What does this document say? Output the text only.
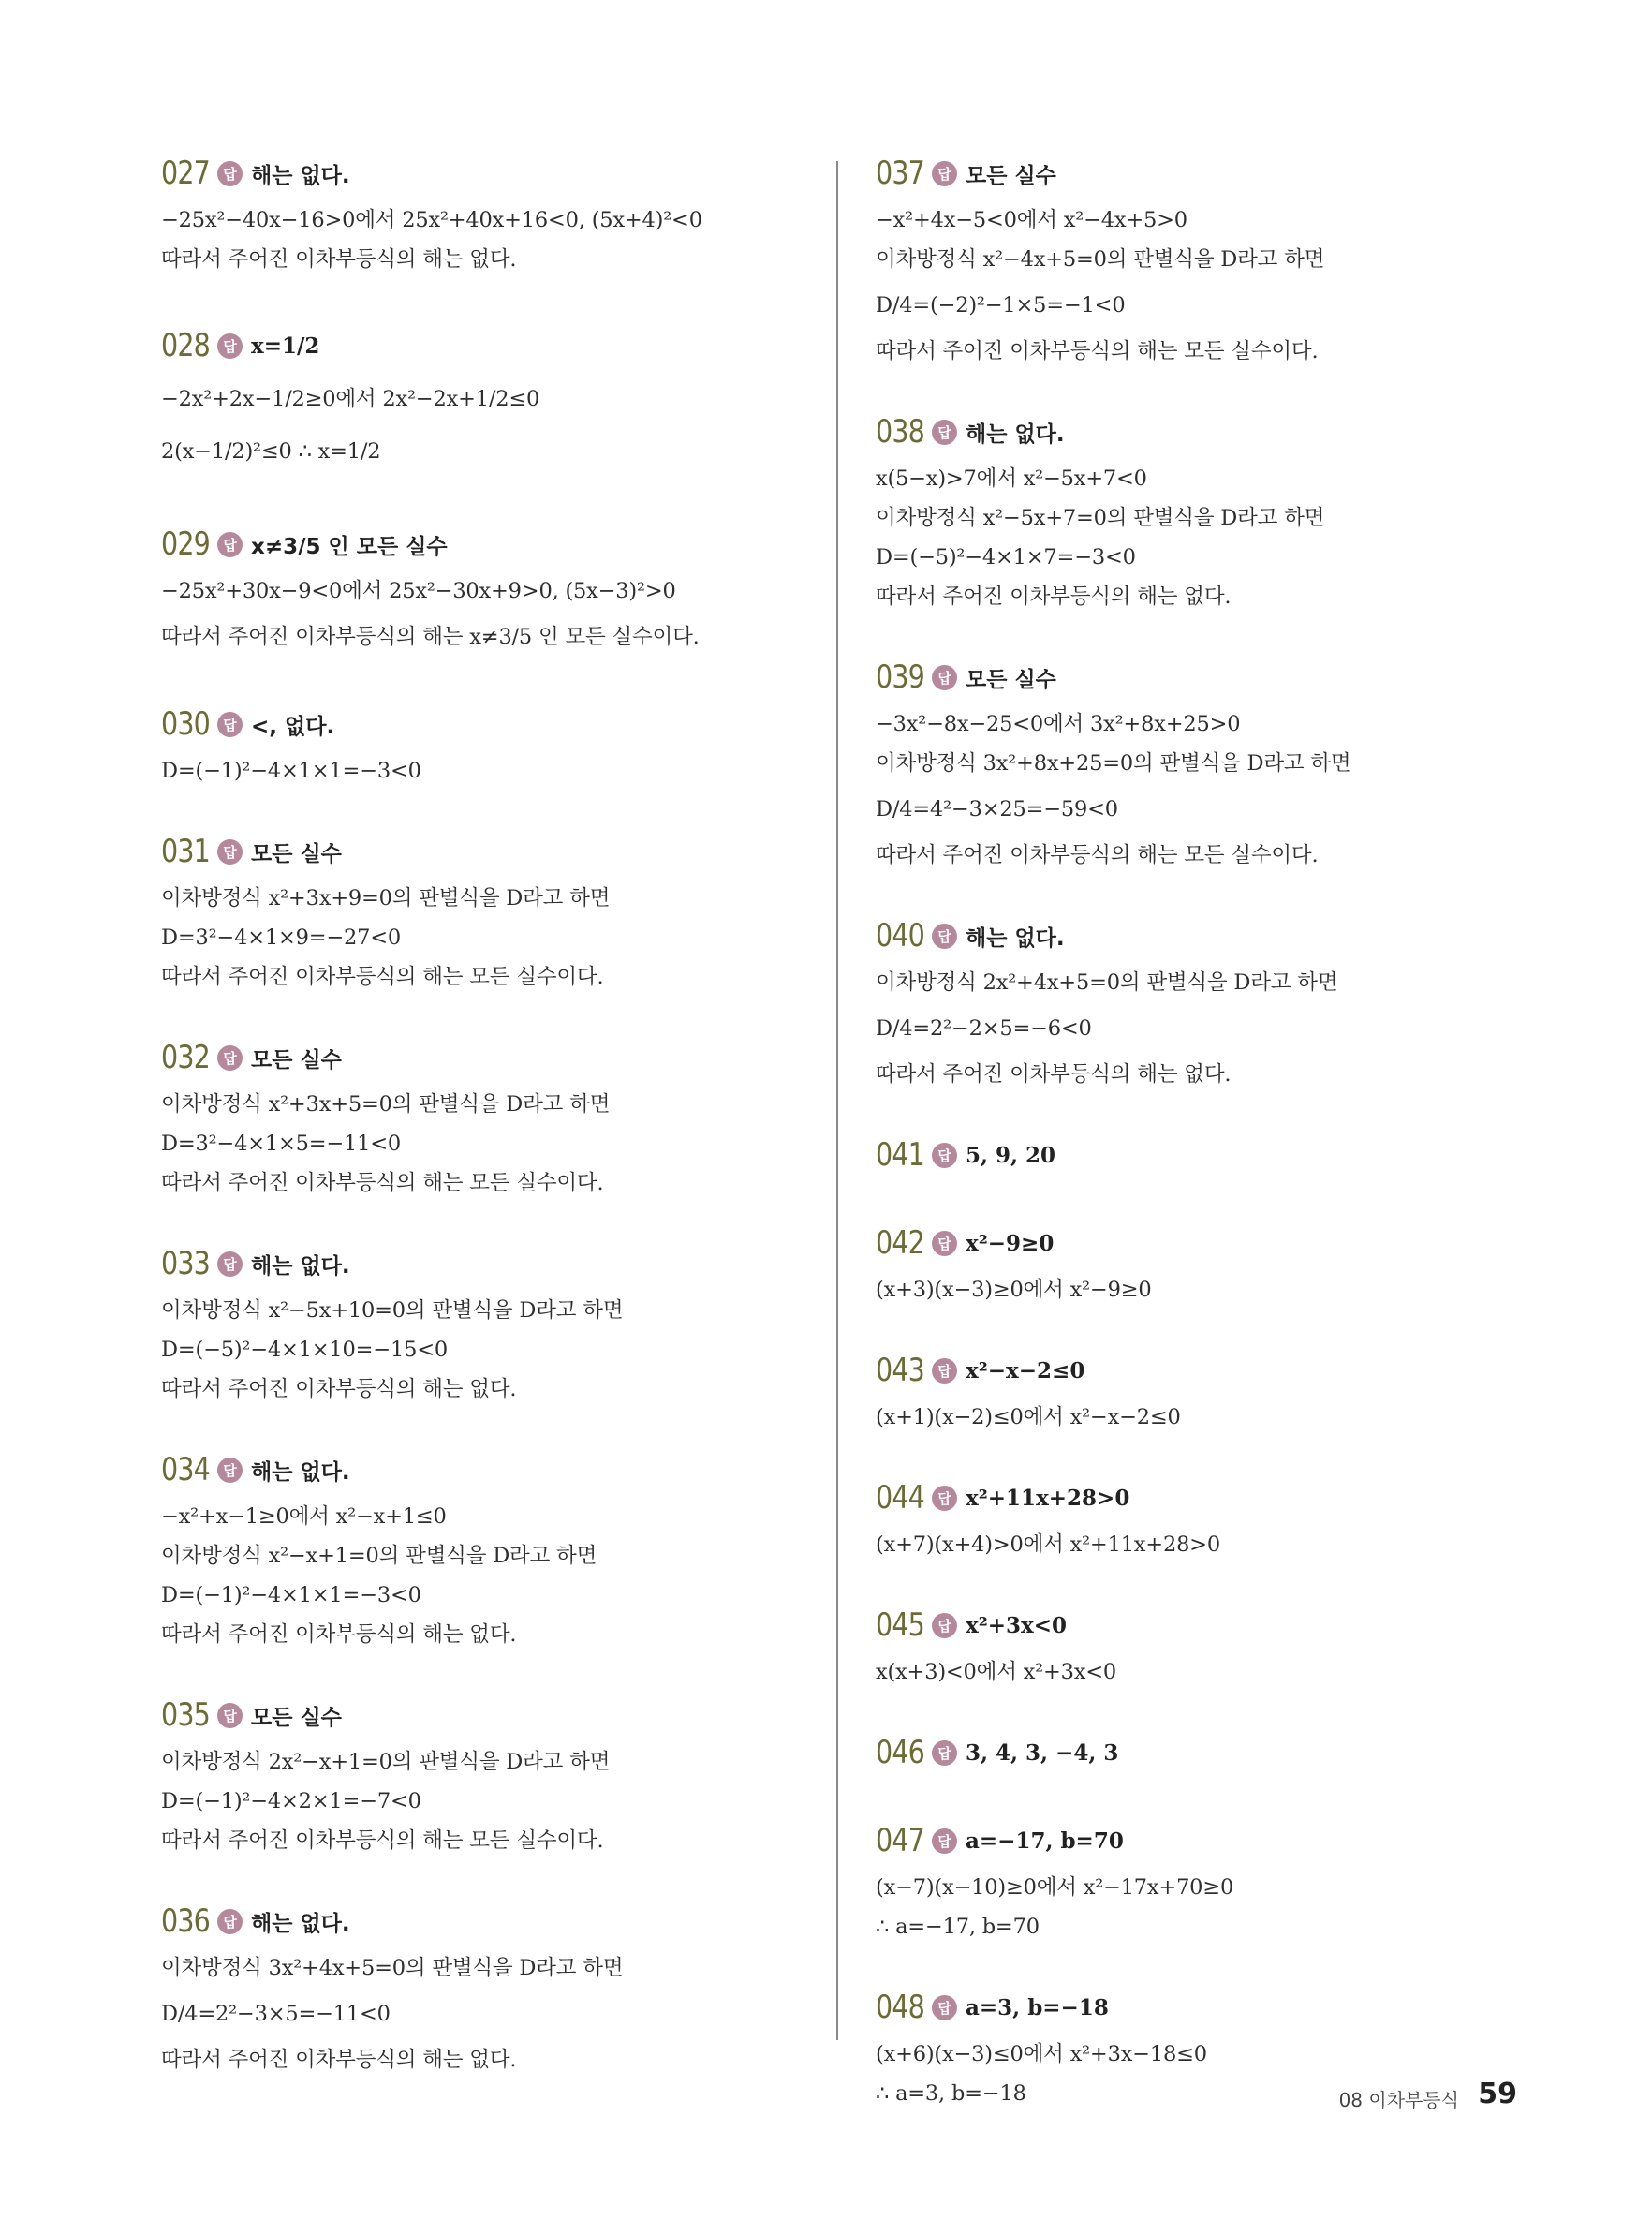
027 답 해는 없다.
−25x²−40x−16>0에서 25x²+40x+16<0, (5x+4)²<0
따라서 주어진 이차부등식의 해는 없다.
028 답 x=1/2
−2x²+2x−1/2≥0에서 2x²−2x+1/2≤0
2(x−1/2)²≤0 ∴ x=1/2
029 답 x≠3/5 인 모든 실수
−25x²+30x−9<0에서 25x²−30x+9>0, (5x−3)²>0
따라서 주어진 이차부등식의 해는 x≠3/5 인 모든 실수이다.
030 답 <, 없다.
D=(−1)²−4×1×1=−3<0
031 답 모든 실수
이차방정식 x²+3x+9=0의 판별식을 D라고 하면
D=3²−4×1×9=−27<0
따라서 주어진 이차부등식의 해는 모든 실수이다.
032 답 모든 실수
이차방정식 x²+3x+5=0의 판별식을 D라고 하면
D=3²−4×1×5=−11<0
따라서 주어진 이차부등식의 해는 모든 실수이다.
033 답 해는 없다.
이차방정식 x²−5x+10=0의 판별식을 D라고 하면
D=(−5)²−4×1×10=−15<0
따라서 주어진 이차부등식의 해는 없다.
034 답 해는 없다.
−x²+x−1≥0에서 x²−x+1≤0
이차방정식 x²−x+1=0의 판별식을 D라고 하면
D=(−1)²−4×1×1=−3<0
따라서 주어진 이차부등식의 해는 없다.
035 답 모든 실수
이차방정식 2x²−x+1=0의 판별식을 D라고 하면
D=(−1)²−4×2×1=−7<0
따라서 주어진 이차부등식의 해는 모든 실수이다.
036 답 해는 없다.
이차방정식 3x²+4x+5=0의 판별식을 D라고 하면
D/4=2²−3×5=−11<0
따라서 주어진 이차부등식의 해는 없다.
037 답 모든 실수
−x²+4x−5<0에서 x²−4x+5>0
이차방정식 x²−4x+5=0의 판별식을 D라고 하면
D/4=(−2)²−1×5=−1<0
따라서 주어진 이차부등식의 해는 모든 실수이다.
038 답 해는 없다.
x(5−x)>7에서 x²−5x+7<0
이차방정식 x²−5x+7=0의 판별식을 D라고 하면
D=(−5)²−4×1×7=−3<0
따라서 주어진 이차부등식의 해는 없다.
039 답 모든 실수
−3x²−8x−25<0에서 3x²+8x+25>0
이차방정식 3x²+8x+25=0의 판별식을 D라고 하면
D/4=4²−3×25=−59<0
따라서 주어진 이차부등식의 해는 모든 실수이다.
040 답 해는 없다.
이차방정식 2x²+4x+5=0의 판별식을 D라고 하면
D/4=2²−2×5=−6<0
따라서 주어진 이차부등식의 해는 없다.
041 답 5, 9, 20
042 답 x²−9≥0
(x+3)(x−3)≥0에서 x²−9≥0
043 답 x²−x−2≤0
(x+1)(x−2)≤0에서 x²−x−2≤0
044 답 x²+11x+28>0
(x+7)(x+4)>0에서 x²+11x+28>0
045 답 x²+3x<0
x(x+3)<0에서 x²+3x<0
046 답 3, 4, 3, −4, 3
047 답 a=−17, b=70
(x−7)(x−10)≥0에서 x²−17x+70≥0
∴ a=−17, b=70
048 답 a=3, b=−18
(x+6)(x−3)≤0에서 x²+3x−18≤0
∴ a=3, b=−18	08 이차부등식 59
